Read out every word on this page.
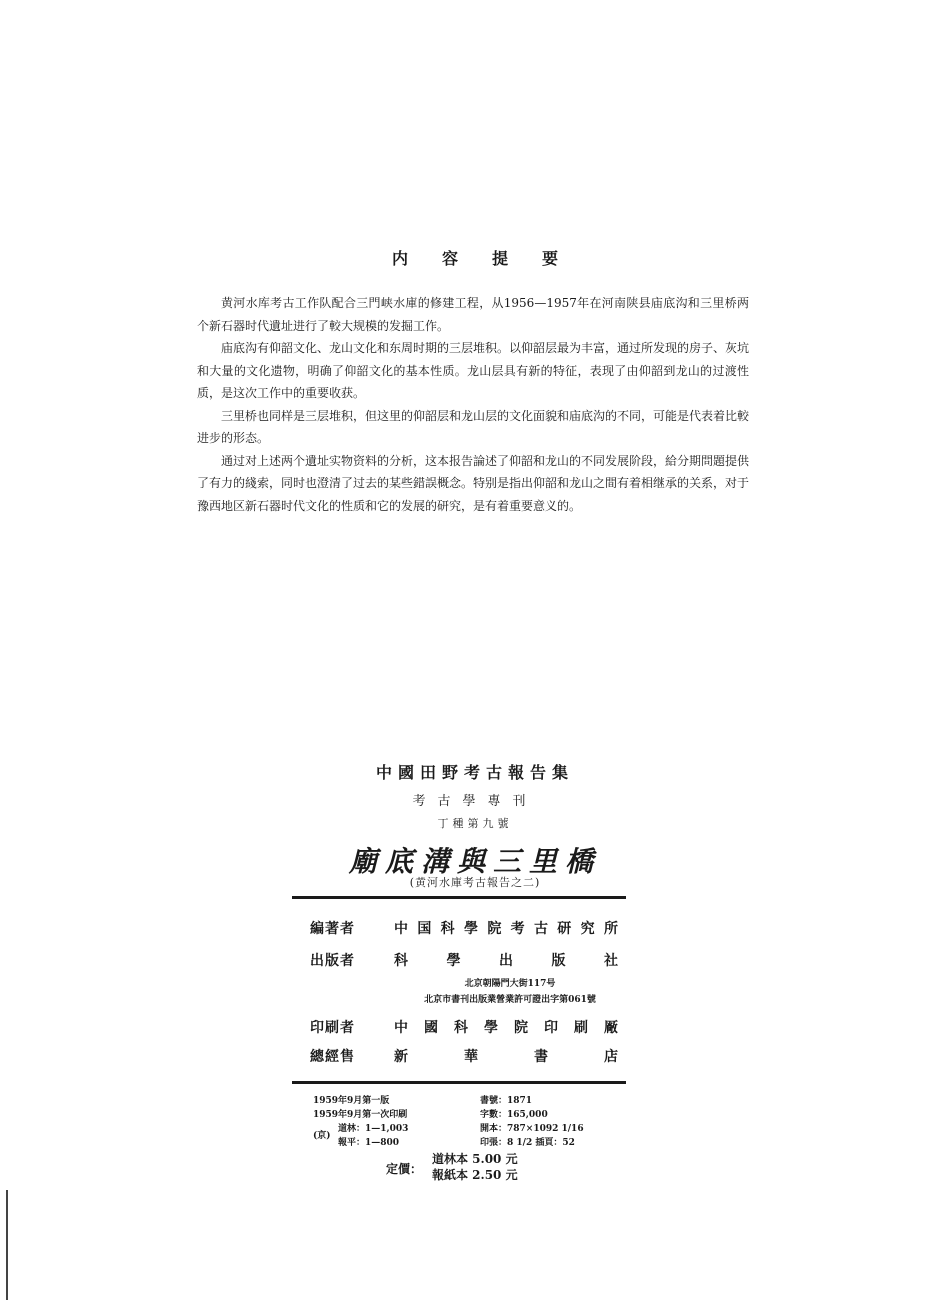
内容提要

黄河水库考古工作队配合三門峡水庫的修建工程，从1956—1957年在河南陕县庙底沟和三里桥两个新石器时代遺址进行了較大规模的发掘工作。

庙底沟有仰韶文化、龙山文化和东周时期的三层堆积。以仰韶层最为丰富，通过所发现的房子、灰坑和大量的文化遗物，明确了仰韶文化的基本性质。龙山层具有新的特征，表现了由仰韶到龙山的过渡性质，是这次工作中的重要收获。

三里桥也同样是三层堆积，但这里的仰韶层和龙山层的文化面貌和庙底沟的不同，可能是代表着比較进步的形态。

通过对上述两个遺址实物资料的分析，这本报告論述了仰韶和龙山的不同发展阶段，給分期問題提供了有力的綫索，同时也澄清了过去的某些錯誤概念。特别是指出仰韶和龙山之間有着相继承的关系，对于豫西地区新石器时代文化的性质和它的发展的研究，是有着重要意义的。

中國田野考古報告集
考古學專刊
丁種第九號
廟底溝與三里橋
(黄河水庫考古報告之二)
編著者	中 国 科 學 院 考 古 研 究 所
出版者	科	學	出	版	社
北京朝陽門大街117号
北京市書刊出版業營業許可證出字第061號
印刷者	中 國 科 學 院 印 刷 厰
總經售	新	華	書	店
1959年9月第一版
1959年9月第一次印刷
(京)
道林：1—1,003
報平：1—800
書號：1871
字數：165,000
開本：787×1092 1/16
印張：8 1/2 插頁：52
定價：
道林本 5.00 元
報紙本 2.50 元
